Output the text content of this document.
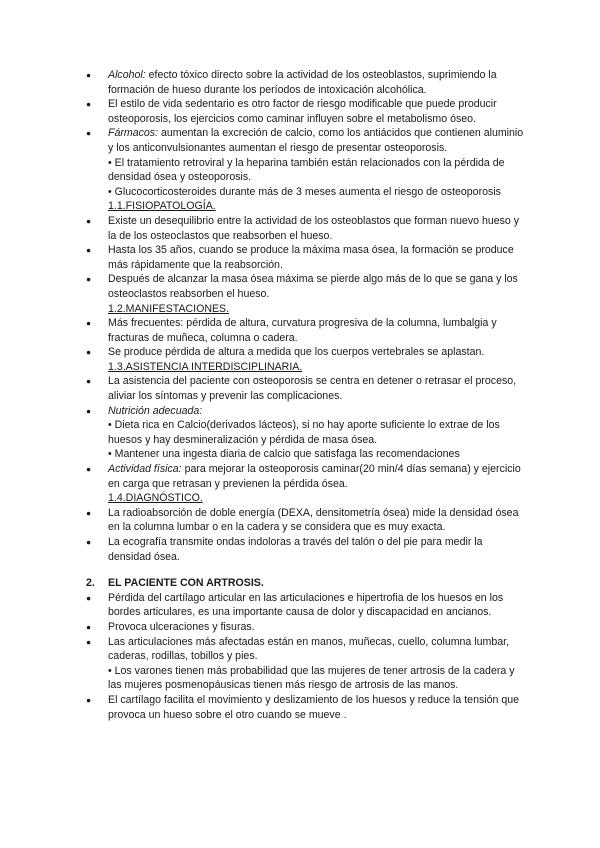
● Alcohol: efecto tóxico directo sobre la actividad de los osteoblastos, suprimiendo la formación de hueso durante los períodos de intoxicación alcohólica.
● El estilo de vida sedentario es otro factor de riesgo modificable que puede producir osteoporosis, los ejercicios como caminar influyen sobre el metabolismo óseo.
● Fármacos: aumentan la excreción de calcio, como los antiácidos que contienen aluminio y los anticonvulsionantes aumentan el riesgo de presentar osteoporosis.
• El tratamiento retroviral y la heparina también están relacionados con la pérdida de densidad ósea y osteoporosis.
• Glucocorticosteroides durante más de 3 meses aumenta el riesgo de osteoporosis
1.1.FISIOPATOLOGÍA.
● Existe un desequilibrio entre la actividad de los osteoblastos que forman nuevo hueso y la de los osteoclastos que reabsorben el hueso.
● Hasta los 35 años, cuando se produce la máxima masa ósea, la formación se produce más rápidamente que la reabsorción.
● Después de alcanzar la masa ósea máxima se pierde algo más de lo que se gana y los osteoclastos reabsorben el hueso.
1.2.MANIFESTACIONES.
● Más frecuentes: pérdida de altura, curvatura progresiva de la columna, lumbalgia y fracturas de muñeca, columna o cadera.
● Se produce pérdida de altura a medida que los cuerpos vertebrales se aplastan.
1.3.ASISTENCIA INTERDISCIPLINARIA.
● La asistencia del paciente con osteoporosis se centra en detener o retrasar el proceso, aliviar los síntomas y prevenir las complicaciones.
● Nutrición adecuada:
• Dieta rica en Calcio(derivados lácteos), si no hay aporte suficiente lo extrae de los huesos y hay desmineralización y pérdida de masa ósea.
• Mantener una ingesta diaria de calcio que satisfaga las recomendaciones
● Actividad física: para mejorar la osteoporosis caminar(20 min/4 días semana) y ejercicio en carga que retrasan y previenen la pérdida ósea.
1.4.DIAGNÓSTICO.
● La radioabsorción de doble energía (DEXA, densitometría ósea) mide la densidad ósea en la columna lumbar o en la cadera y se considera que es muy exacta.
● La ecografía transmite ondas indoloras a través del talón o del pie para medir la densidad ósea.
2. EL PACIENTE CON ARTROSIS.
● Pérdida del cartílago articular en las articulaciones e hipertrofia de los huesos en los bordes articulares, es una importante causa de dolor y discapacidad en ancianos.
● Provoca ulceraciones y fisuras.
● Las articulaciones más afectadas están en manos, muñecas, cuello, columna lumbar, caderas, rodillas, tobillos y pies.
• Los varones tienen más probabilidad que las mujeres de tener artrosis de la cadera y las mujeres posmenopáusicas tienen más riesgo de artrosis de las manos.
● El cartílago facilita el movimiento y deslizamiento de los huesos y reduce la tensión que provoca un hueso sobre el otro cuando se mueve .
